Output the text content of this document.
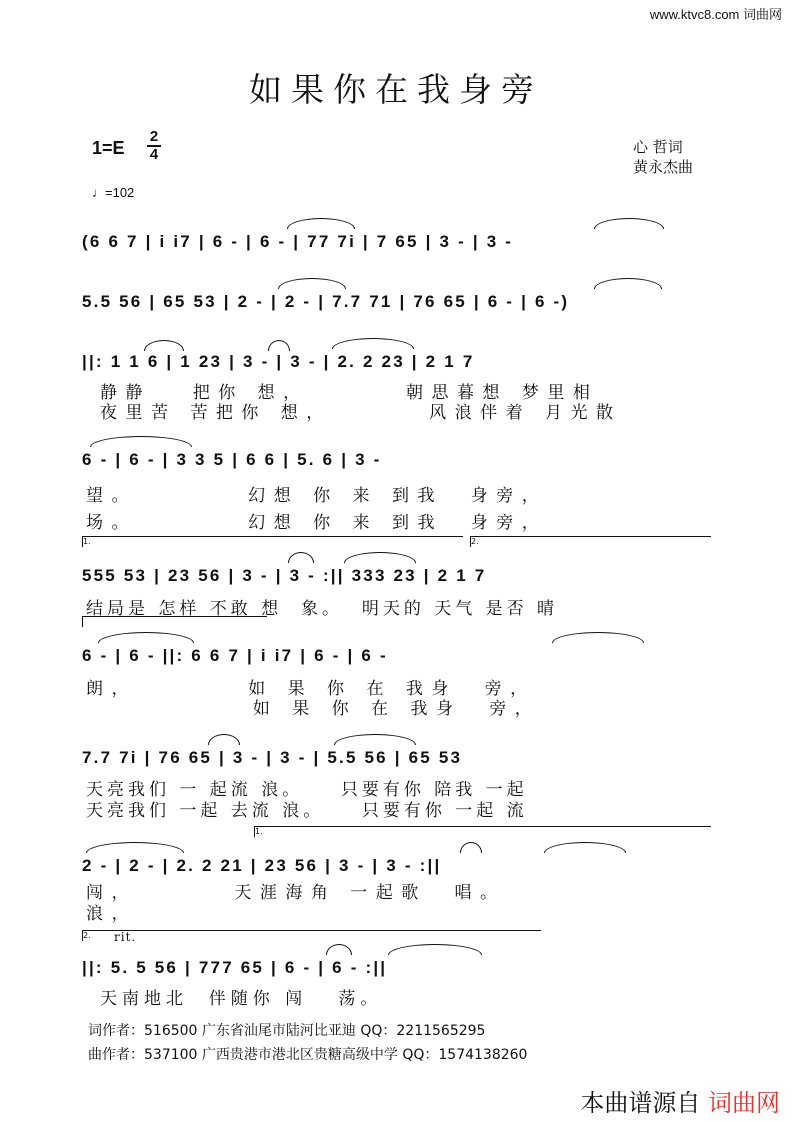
www.ktvc8.com 词曲网
如果你在我身旁
1=E
2
4	心 哲词
黄永杰曲
♩=102
(6 6 7 | i i7 | 6 - | 6 - | 77 7i | 7 65 | 3 - | 3 -
5.5 56 | 65 53 | 2 - | 2 - | 7.7 71 | 76 65 | 6 - | 6 -)
||: 1 1 6 | 1 23 | 3 - | 3 - | 2. 2 23 | 2 1 7
静静   把你 想，       朝思暮想 梦里相
夜里苦 苦把你 想，       风浪伴着 月光散
6 - | 6 - | 3 3 5 | 6 6 | 5. 6 | 3 -
望。        幻想 你 来 到我  身旁，
场。        幻想 你 来 到我  身旁，
1.	2.
555 53 | 23 56 | 3 - | 3 - :|| 333 23 | 2 1 7
结局是 怎样 不敢 想  象。  明天的 天气 是否 晴
6 - | 6 - ||: 6 6 7 | i i7 | 6 - | 6 -
朗，        如 果 你 在 我身  旁，
如 果 你 在 我身  旁，
7.7 7i | 76 65 | 3 - | 3 - | 5.5 56 | 65 53
天亮我们 一 起流 浪。    只要有你 陪我 一起
天亮我们 一起 去流 浪。    只要有你 一起 流
1.
2 - | 2 - | 2. 2 21 | 23 56 | 3 - | 3 - :||
闯，       天涯海角 一起歌  唱。
浪，
2.	rit.
||: 5. 5 56 | 777 65 | 6 - | 6 - :||
天南地北  伴随你 闯   荡。
词作者：516500 广东省汕尾市陆河比亚迪 QQ：2211565295
曲作者：537100 广西贵港市港北区贵糖高级中学 QQ：1574138260
本曲谱源自 词曲网
